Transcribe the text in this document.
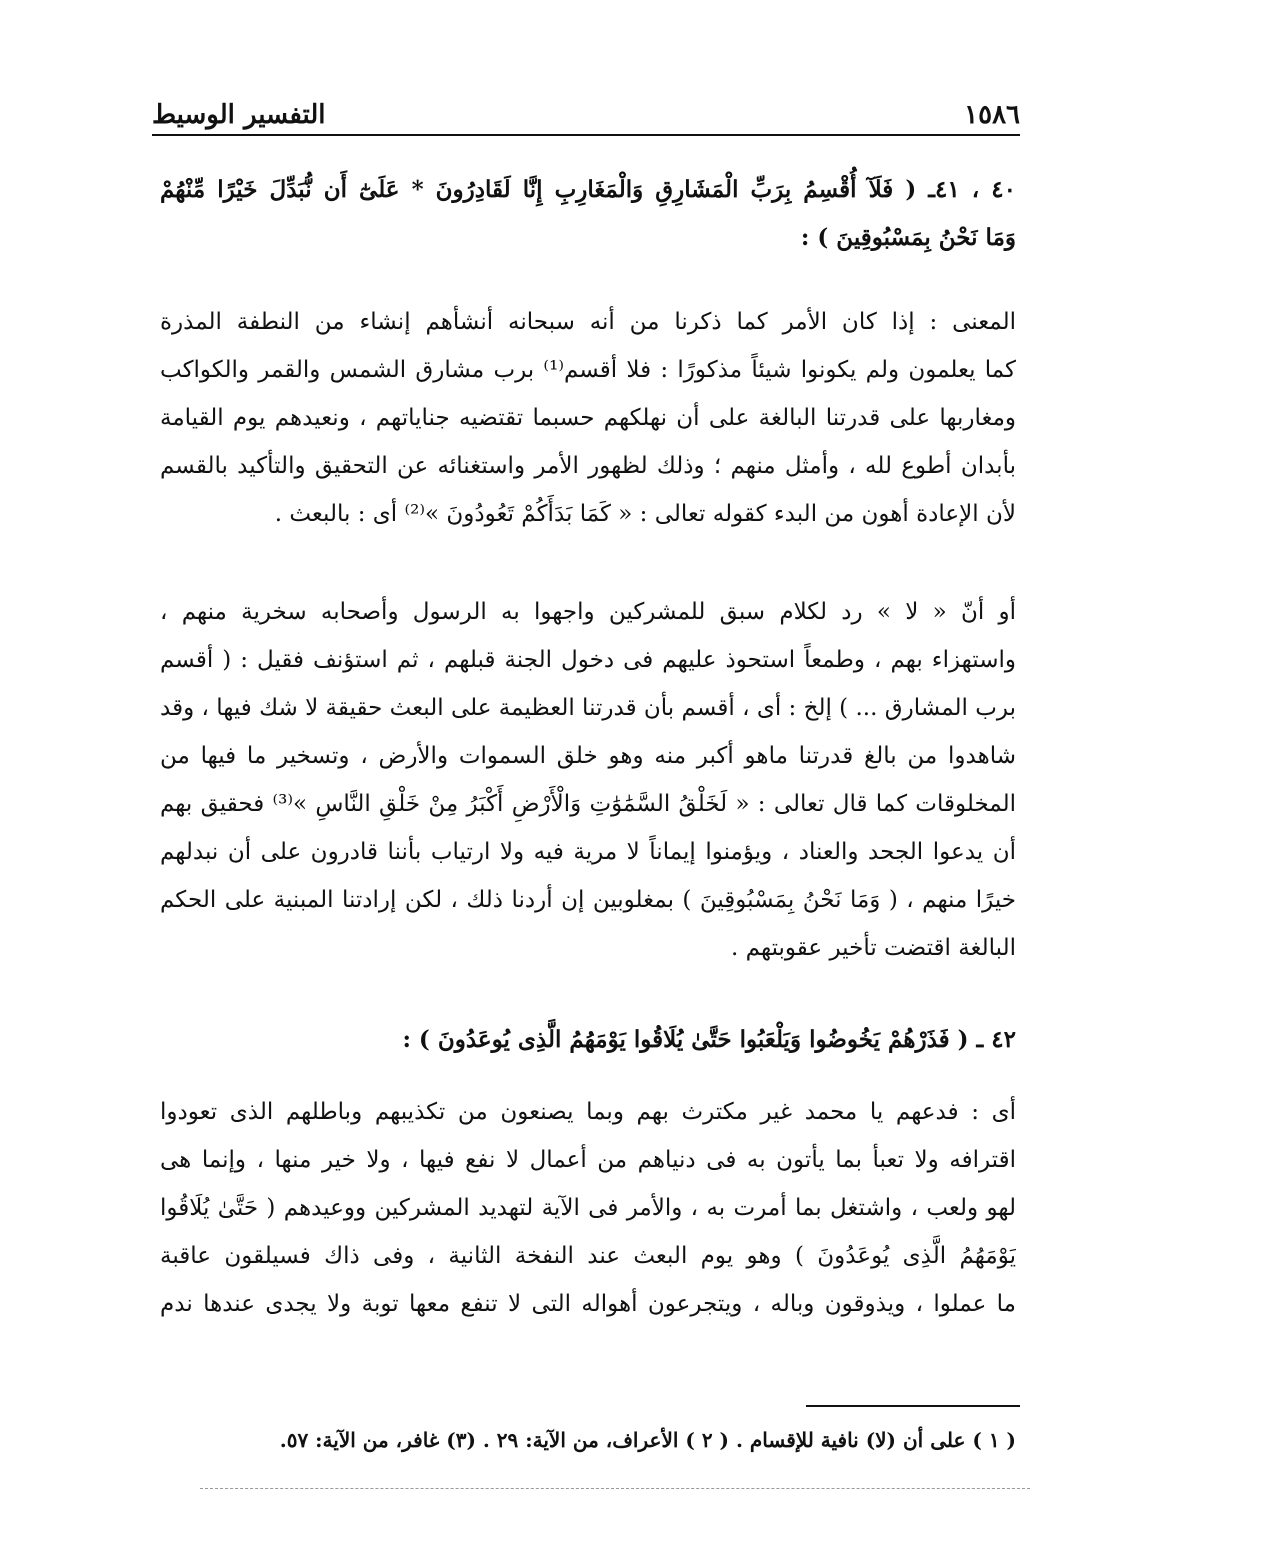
١٥٨٦
التفسير الوسيط
٤٠ ، ٤١ـ ( فَلَآ أُقْسِمُ بِرَبِّ الْمَشَارِقِ وَالْمَغَارِبِ إِنَّا لَقَادِرُونَ * عَلَىٰٓ أَن نُّبَدِّلَ خَيْرًا مِّنْهُمْ
وَمَا نَحْنُ بِمَسْبُوقِينَ ) :
المعنى : إذا كان الأمر كما ذكرنا من أنه سبحانه أنشأهم إنشاء من النطفة المذرة
كما يعلمون ولم يكونوا شيئاً مذكورًا : فلا أقسم⁽¹⁾ برب مشارق الشمس والقمر والكواكب
ومغاربها على قدرتنا البالغة على أن نهلكهم حسبما تقتضيه جناياتهم ، ونعيدهم يوم القيامة
بأبدان أطوع لله ، وأمثل منهم ؛ وذلك لظهور الأمر واستغنائه عن التحقيق والتأكيد بالقسم
لأن الإعادة أهون من البدء كقوله تعالى : « كَمَا بَدَأَكُمْ تَعُودُونَ »⁽²⁾ أى : بالبعث .
أو أنّ « لا » رد لكلام سبق للمشركين واجهوا به الرسول وأصحابه سخرية منهم ،
واستهزاء بهم ، وطمعاً استحوذ عليهم فى دخول الجنة قبلهم ، ثم استؤنف فقيل : ( أقسم
برب المشارق ... ) إلخ : أى ، أقسم بأن قدرتنا العظيمة على البعث حقيقة لا شك فيها ، وقد
شاهدوا من بالغ قدرتنا ماهو أكبر منه وهو خلق السموات والأرض ، وتسخير ما فيها من
المخلوقات كما قال تعالى : « لَخَلْقُ السَّمَٰوَٰتِ وَالْأَرْضِ أَكْبَرُ مِنْ خَلْقِ النَّاسِ »⁽³⁾ فحقيق بهم
أن يدعوا الجحد والعناد ، ويؤمنوا إيماناً لا مرية فيه ولا ارتياب بأننا قادرون على أن نبدلهم
خيرًا منهم ، ( وَمَا نَحْنُ بِمَسْبُوقِينَ ) بمغلوبين إن أردنا ذلك ، لكن إرادتنا المبنية على الحكم
البالغة اقتضت تأخير عقوبتهم .
٤٢ ـ ( فَذَرْهُمْ يَخُوضُوا وَيَلْعَبُوا حَتَّىٰ يُلَاقُوا يَوْمَهُمُ الَّذِى يُوعَدُونَ ) :
أى : فدعهم يا محمد غير مكترث بهم وبما يصنعون من تكذيبهم وباطلهم الذى تعودوا
اقترافه ولا تعبأ بما يأتون به فى دنياهم من أعمال لا نفع فيها ، ولا خير منها ، وإنما هى
لهو ولعب ، واشتغل بما أمرت به ، والأمر فى الآية لتهديد المشركين ووعيدهم ( حَتَّىٰ يُلَاقُوا
يَوْمَهُمُ الَّذِى يُوعَدُونَ ) وهو يوم البعث عند النفخة الثانية ، وفى ذاك فسيلقون عاقبة
ما عملوا ، ويذوقون وباله ، ويتجرعون أهواله التى لا تنفع معها توبة ولا يجدى عندها ندم
( ١ ) على أن (لا) نافية للإقسام . ( ٢ ) الأعراف، من الآية: ٢٩ . (٣) غافر، من الآية: ٥٧.
